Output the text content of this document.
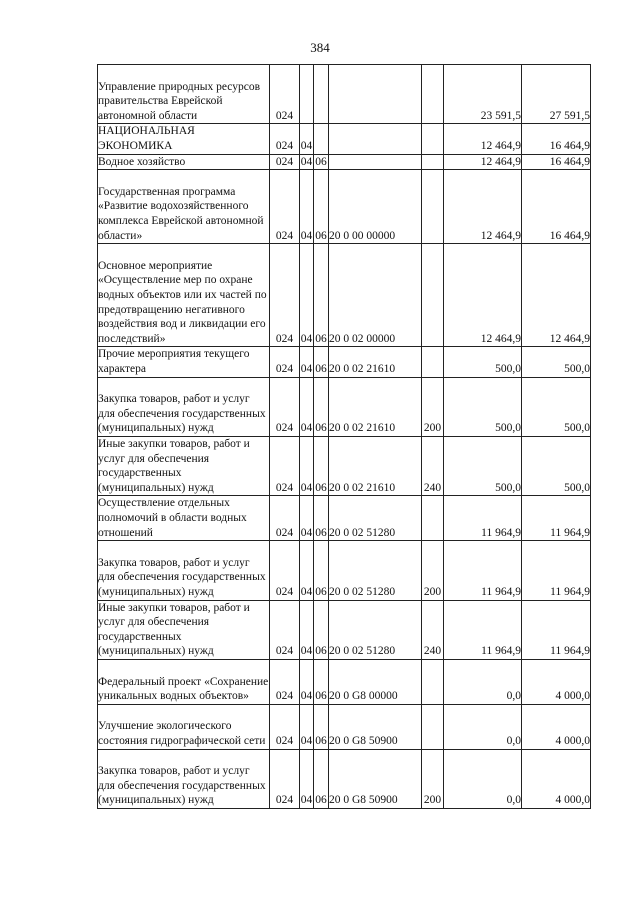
384
Управление природных ресурсов правительства Еврейской автономной области	024					23 591,5	27 591,5
НАЦИОНАЛЬНАЯ ЭКОНОМИКА	024	04				12 464,9	16 464,9
Водное хозяйство	024	04	06			12 464,9	16 464,9
Государственная программа «Развитие водохозяйственного комплекса Еврейской автономной области»	024	04	06	20 0 00 00000		12 464,9	16 464,9
Основное мероприятие «Осуществление мер по охране водных объектов или их частей по предотвращению негативного воздействия вод и ликвидации его последствий»	024	04	06	20 0 02 00000		12 464,9	12 464,9
Прочие мероприятия текущего характера	024	04	06	20 0 02 21610		500,0	500,0
Закупка товаров, работ и услуг для обеспечения государственных (муниципальных) нужд	024	04	06	20 0 02 21610	200	500,0	500,0
Иные закупки товаров, работ и услуг для обеспечения государственных (муниципальных) нужд	024	04	06	20 0 02 21610	240	500,0	500,0
Осуществление отдельных полномочий в области водных отношений	024	04	06	20 0 02 51280		11 964,9	11 964,9
Закупка товаров, работ и услуг для обеспечения государственных (муниципальных) нужд	024	04	06	20 0 02 51280	200	11 964,9	11 964,9
Иные закупки товаров, работ и услуг для обеспечения государственных (муниципальных) нужд	024	04	06	20 0 02 51280	240	11 964,9	11 964,9
Федеральный проект «Сохранение уникальных водных объектов»	024	04	06	20 0 G8 00000		0,0	4 000,0
Улучшение экологического состояния гидрографической сети	024	04	06	20 0 G8 50900		0,0	4 000,0
Закупка товаров, работ и услуг для обеспечения государственных (муниципальных) нужд	024	04	06	20 0 G8 50900	200	0,0	4 000,0
